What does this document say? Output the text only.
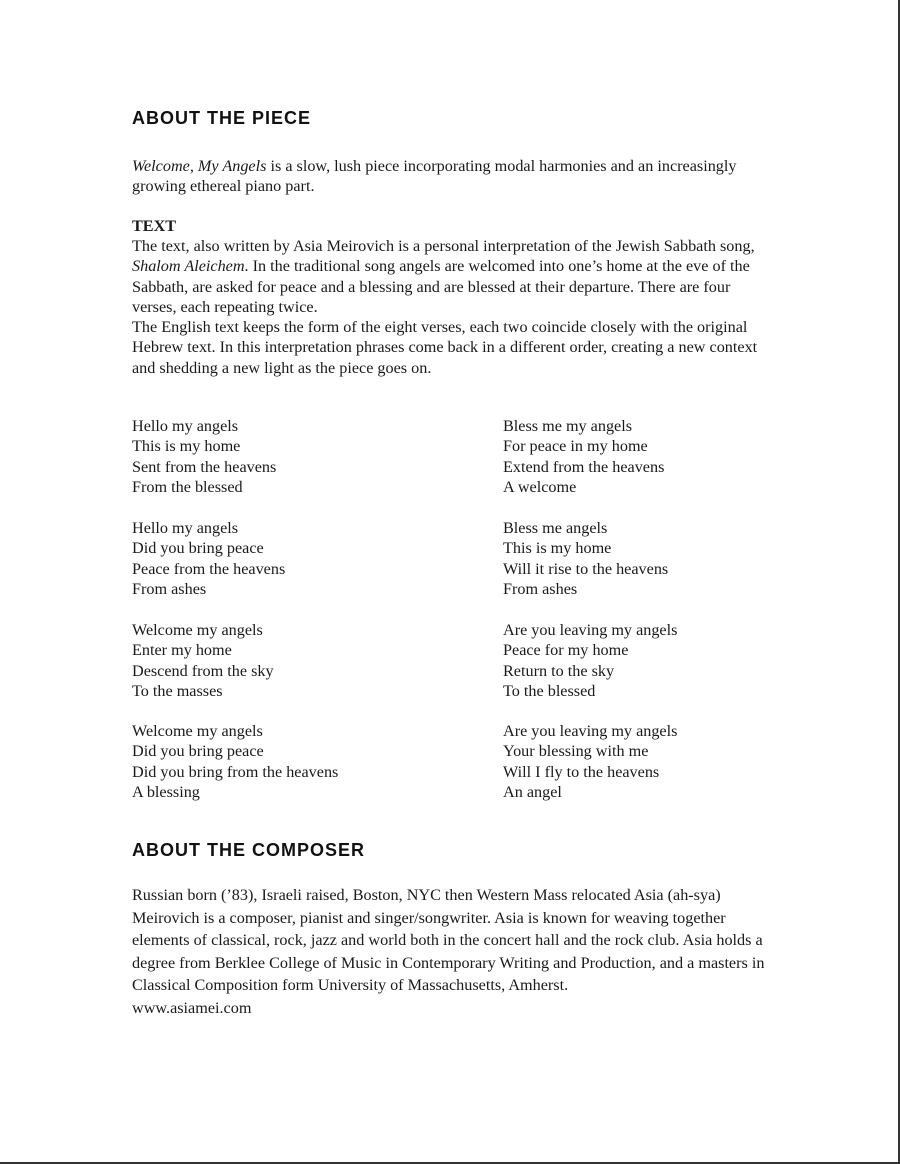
ABOUT THE PIECE

Welcome, My Angels is a slow, lush piece incorporating modal harmonies and an increasingly growing ethereal piano part.

TEXT

The text, also written by Asia Meirovich is a personal interpretation of the Jewish Sabbath song, Shalom Aleichem. In the traditional song angels are welcomed into one’s home at the eve of the Sabbath, are asked for peace and a blessing and are blessed at their departure. There are four verses, each repeating twice.
The English text keeps the form of the eight verses, each two coincide closely with the original Hebrew text. In this interpretation phrases come back in a different order, creating a new context and shedding a new light as the piece goes on.
Hello my angels
This is my home
Sent from the heavens
From the blessed
Bless me my angels
For peace in my home
Extend from the heavens
A welcome
Hello my angels
Did you bring peace
Peace from the heavens
From ashes
Bless me angels
This is my home
Will it rise to the heavens
From ashes
Welcome my angels
Enter my home
Descend from the sky
To the masses
Are you leaving my angels
Peace for my home
Return to the sky
To the blessed
Welcome my angels
Did you bring peace
Did you bring from the heavens
A blessing
Are you leaving my angels
Your blessing with me
Will I fly to the heavens
An angel
ABOUT THE COMPOSER
Russian born (’83), Israeli raised, Boston, NYC then Western Mass relocated Asia (ah-sya) Meirovich is a composer, pianist and singer/songwriter. Asia is known for weaving together elements of classical, rock, jazz and world both in the concert hall and the rock club. Asia holds a degree from Berklee College of Music in Contemporary Writing and Production, and a masters in Classical Composition form University of Massachusetts, Amherst.
www.asiamei.com
